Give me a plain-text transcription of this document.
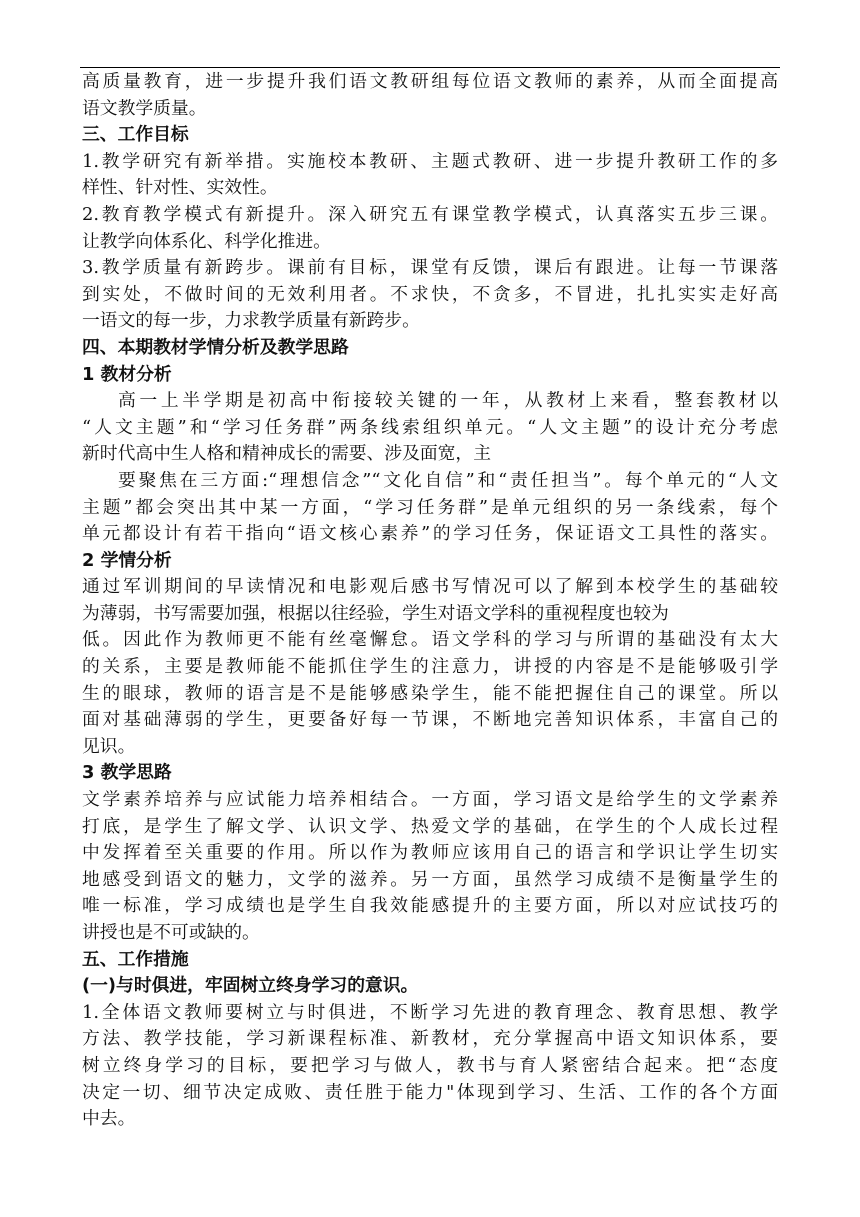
高质量教育，进一步提升我们语文教研组每位语文教师的素养，从而全面提高
语文教学质量。
三、工作目标
1.教学研究有新举措。实施校本教研、主题式教研、进一步提升教研工作的多
样性、针对性、实效性。
2.教育教学模式有新提升。深入研究五有课堂教学模式，认真落实五步三课。
让教学向体系化、科学化推进。
3.教学质量有新跨步。课前有目标，课堂有反馈，课后有跟进。让每一节课落
到实处，不做时间的无效利用者。不求快，不贪多，不冒进，扎扎实实走好高
一语文的每一步，力求教学质量有新跨步。
四、本期教材学情分析及教学思路
1 教材分析
高一上半学期是初高中衔接较关键的一年，从教材上来看，整套教材以
“人文主题”和“学习任务群”两条线索组织单元。“人文主题”的设计充分考虑
新时代高中生人格和精神成长的需要、涉及面宽，主
要聚焦在三方面:“理想信念”“文化自信”和“责任担当”。每个单元的“人文
主题”都会突出其中某一方面，“学习任务群”是单元组织的另一条线索，每个
单元都设计有若干指向“语文核心素养”的学习任务，保证语文工具性的落实。
2 学情分析
通过军训期间的早读情况和电影观后感书写情况可以了解到本校学生的基础较
为薄弱，书写需要加强，根据以往经验，学生对语文学科的重视程度也较为
低。因此作为教师更不能有丝毫懈怠。语文学科的学习与所谓的基础没有太大
的关系，主要是教师能不能抓住学生的注意力，讲授的内容是不是能够吸引学
生的眼球，教师的语言是不是能够感染学生，能不能把握住自己的课堂。所以
面对基础薄弱的学生，更要备好每一节课，不断地完善知识体系，丰富自己的
见识。
3 教学思路
文学素养培养与应试能力培养相结合。一方面，学习语文是给学生的文学素养
打底，是学生了解文学、认识文学、热爱文学的基础，在学生的个人成长过程
中发挥着至关重要的作用。所以作为教师应该用自己的语言和学识让学生切实
地感受到语文的魅力，文学的滋养。另一方面，虽然学习成绩不是衡量学生的
唯一标准，学习成绩也是学生自我效能感提升的主要方面，所以对应试技巧的
讲授也是不可或缺的。
五、工作措施
(一)与时俱进，牢固树立终身学习的意识。
1.全体语文教师要树立与时俱进，不断学习先进的教育理念、教育思想、教学
方法、教学技能，学习新课程标准、新教材，充分掌握高中语文知识体系，要
树立终身学习的目标，要把学习与做人，教书与育人紧密结合起来。把“态度
决定一切、细节决定成败、责任胜于能力"体现到学习、生活、工作的各个方面
中去。
